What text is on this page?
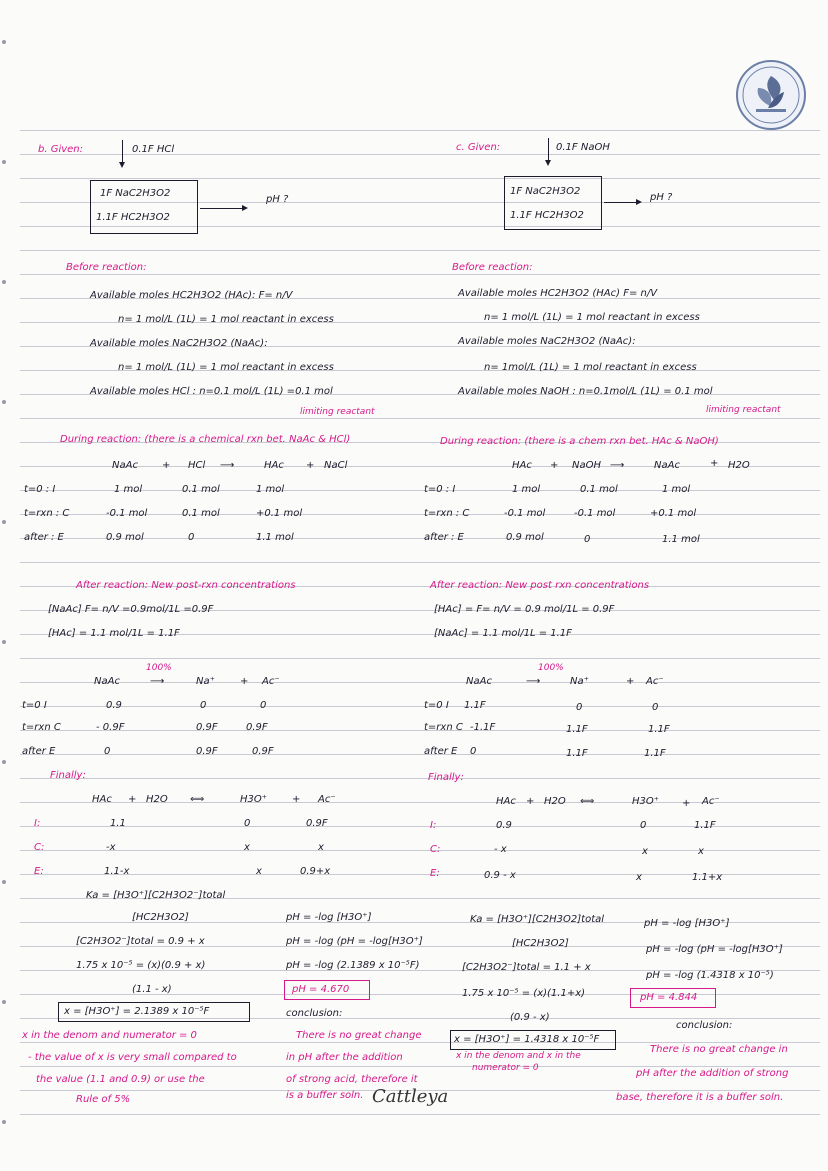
b. Given:	0.1F HCl
1F NaC2H3O2
1.1F HC2H3O2
pH ?
Before reaction:
Available moles HC2H3O2 (HAc): F= n/V
n= 1 mol/L (1L) = 1 mol reactant in excess
Available moles NaC2H3O2 (NaAc):
n= 1 mol/L (1L) = 1 mol reactant in excess
Available moles HCl : n=0.1 mol/L (1L) =0.1 mol
limiting reactant
During reaction: (there is a chemical rxn bet. NaAc & HCl)
NaAc + HCl ⟶	HAc + NaCl
t=0 : I	1 mol	0.1 mol	1 mol
t=rxn : C	-0.1 mol	0.1 mol	+0.1 mol
after : E	0.9 mol	0	1.1 mol
After reaction: New post-rxn concentrations
[NaAc] F= n/V =0.9mol/1L =0.9F
[HAc] = 1.1 mol/1L = 1.1F
100%
NaAc	⟶	Na⁺	+ Ac⁻
t=0 I	0.9	0	0
t=rxn C	- 0.9F	0.9F	0.9F
after E	0	0.9F	0.9F
Finally:
HAc + H2O ⟺	H3O⁺ + Ac⁻
I:	1.1	0	0.9F
C:	-x	x	x
E:	1.1-x	x	0.9+x
Ka = [H3O⁺][C2H3O2⁻]total
[HC2H3O2]
[C2H3O2⁻]total = 0.9 + x
1.75 x 10⁻⁵ = (x)(0.9 + x)
(1.1 - x)
x = [H3O⁺] = 2.1389 x 10⁻⁵F
pH = -log [H3O⁺]
pH = -log (pH = -log[H3O⁺]
pH = -log (2.1389 x 10⁻⁵F)
pH = 4.670
conclusion:
x in the denom and numerator = 0
- the value of x is very small compared to
the value (1.1 and 0.9) or use the
Rule of 5%
There is no great change
in pH after the addition
of strong acid, therefore it
is a buffer soln.
c. Given:	0.1F NaOH
1F NaC2H3O2
1.1F HC2H3O2
pH ?
Before reaction:
Available moles HC2H3O2 (HAc) F= n/V
n= 1 mol/L (1L) = 1 mol reactant in excess
Available moles NaC2H3O2 (NaAc):
n= 1mol/L (1L) = 1 mol reactant in excess
Available moles NaOH : n=0.1mol/L (1L) = 0.1 mol
limiting reactant
During reaction: (there is a chem rxn bet. HAc & NaOH)
HAc + NaOH ⟶	NaAc	+ H2O
t=0 : I	1 mol	0.1 mol	1 mol
t=rxn : C	-0.1 mol	-0.1 mol	+0.1 mol
after : E	0.9 mol	0	1.1 mol
After reaction: New post rxn concentrations
[HAc] = F= n/V = 0.9 mol/1L = 0.9F
[NaAc] = 1.1 mol/1L = 1.1F
100%
NaAc	⟶	Na⁺	+ Ac⁻
t=0 I 1.1F	0	0
t=rxn C -1.1F	1.1F	1.1F
after E 0	1.1F	1.1F
Finally:
HAc + H2O ⟺	H3O⁺ + Ac⁻
I:	0.9	0	1.1F
C:	- x	x	x
E:	0.9 - x	x	1.1+x
Ka = [H3O⁺][C2H3O2]total
[HC2H3O2]
[C2H3O2⁻]total = 1.1 + x
1.75 x 10⁻⁵ = (x)(1.1+x)
(0.9 - x)
x = [H3O⁺] = 1.4318 x 10⁻⁵F
pH = -log [H3O⁺]
pH = -log (pH = -log[H3O⁺]
pH = -log (1.4318 x 10⁻⁵)
pH = 4.844
conclusion:
x in the denom and x in the
numerator = 0
There is no great change in
pH after the addition of strong
base, therefore it is a buffer soln.
Cattleya
